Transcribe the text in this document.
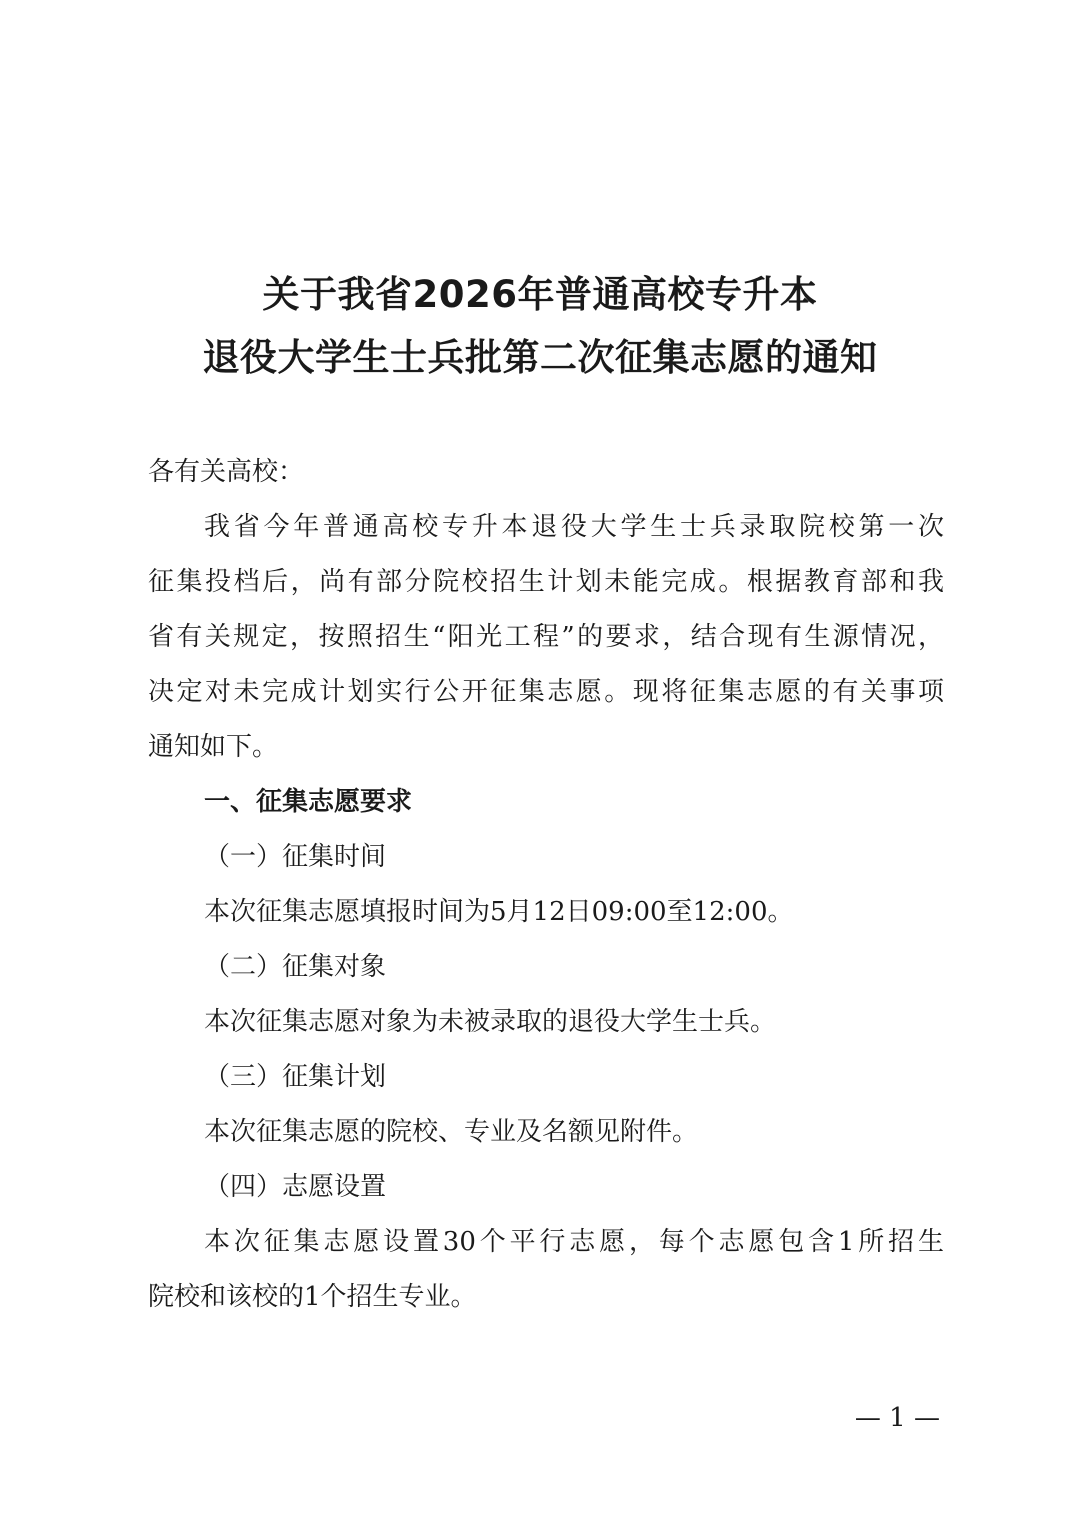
关于我省2026年普通高校专升本
退役大学生士兵批第二次征集志愿的通知
各有关高校：
我省今年普通高校专升本退役大学生士兵录取院校第一次
征集投档后，尚有部分院校招生计划未能完成。根据教育部和我
省有关规定，按照招生“阳光工程”的要求，结合现有生源情况，
决定对未完成计划实行公开征集志愿。现将征集志愿的有关事项
通知如下。
一、征集志愿要求
（一）征集时间
本次征集志愿填报时间为5月12日09:00至12:00。
（二）征集对象
本次征集志愿对象为未被录取的退役大学生士兵。
（三）征集计划
本次征集志愿的院校、专业及名额见附件。
（四）志愿设置
本次征集志愿设置30个平行志愿，每个志愿包含1所招生
院校和该校的1个招生专业。
— 1 —
